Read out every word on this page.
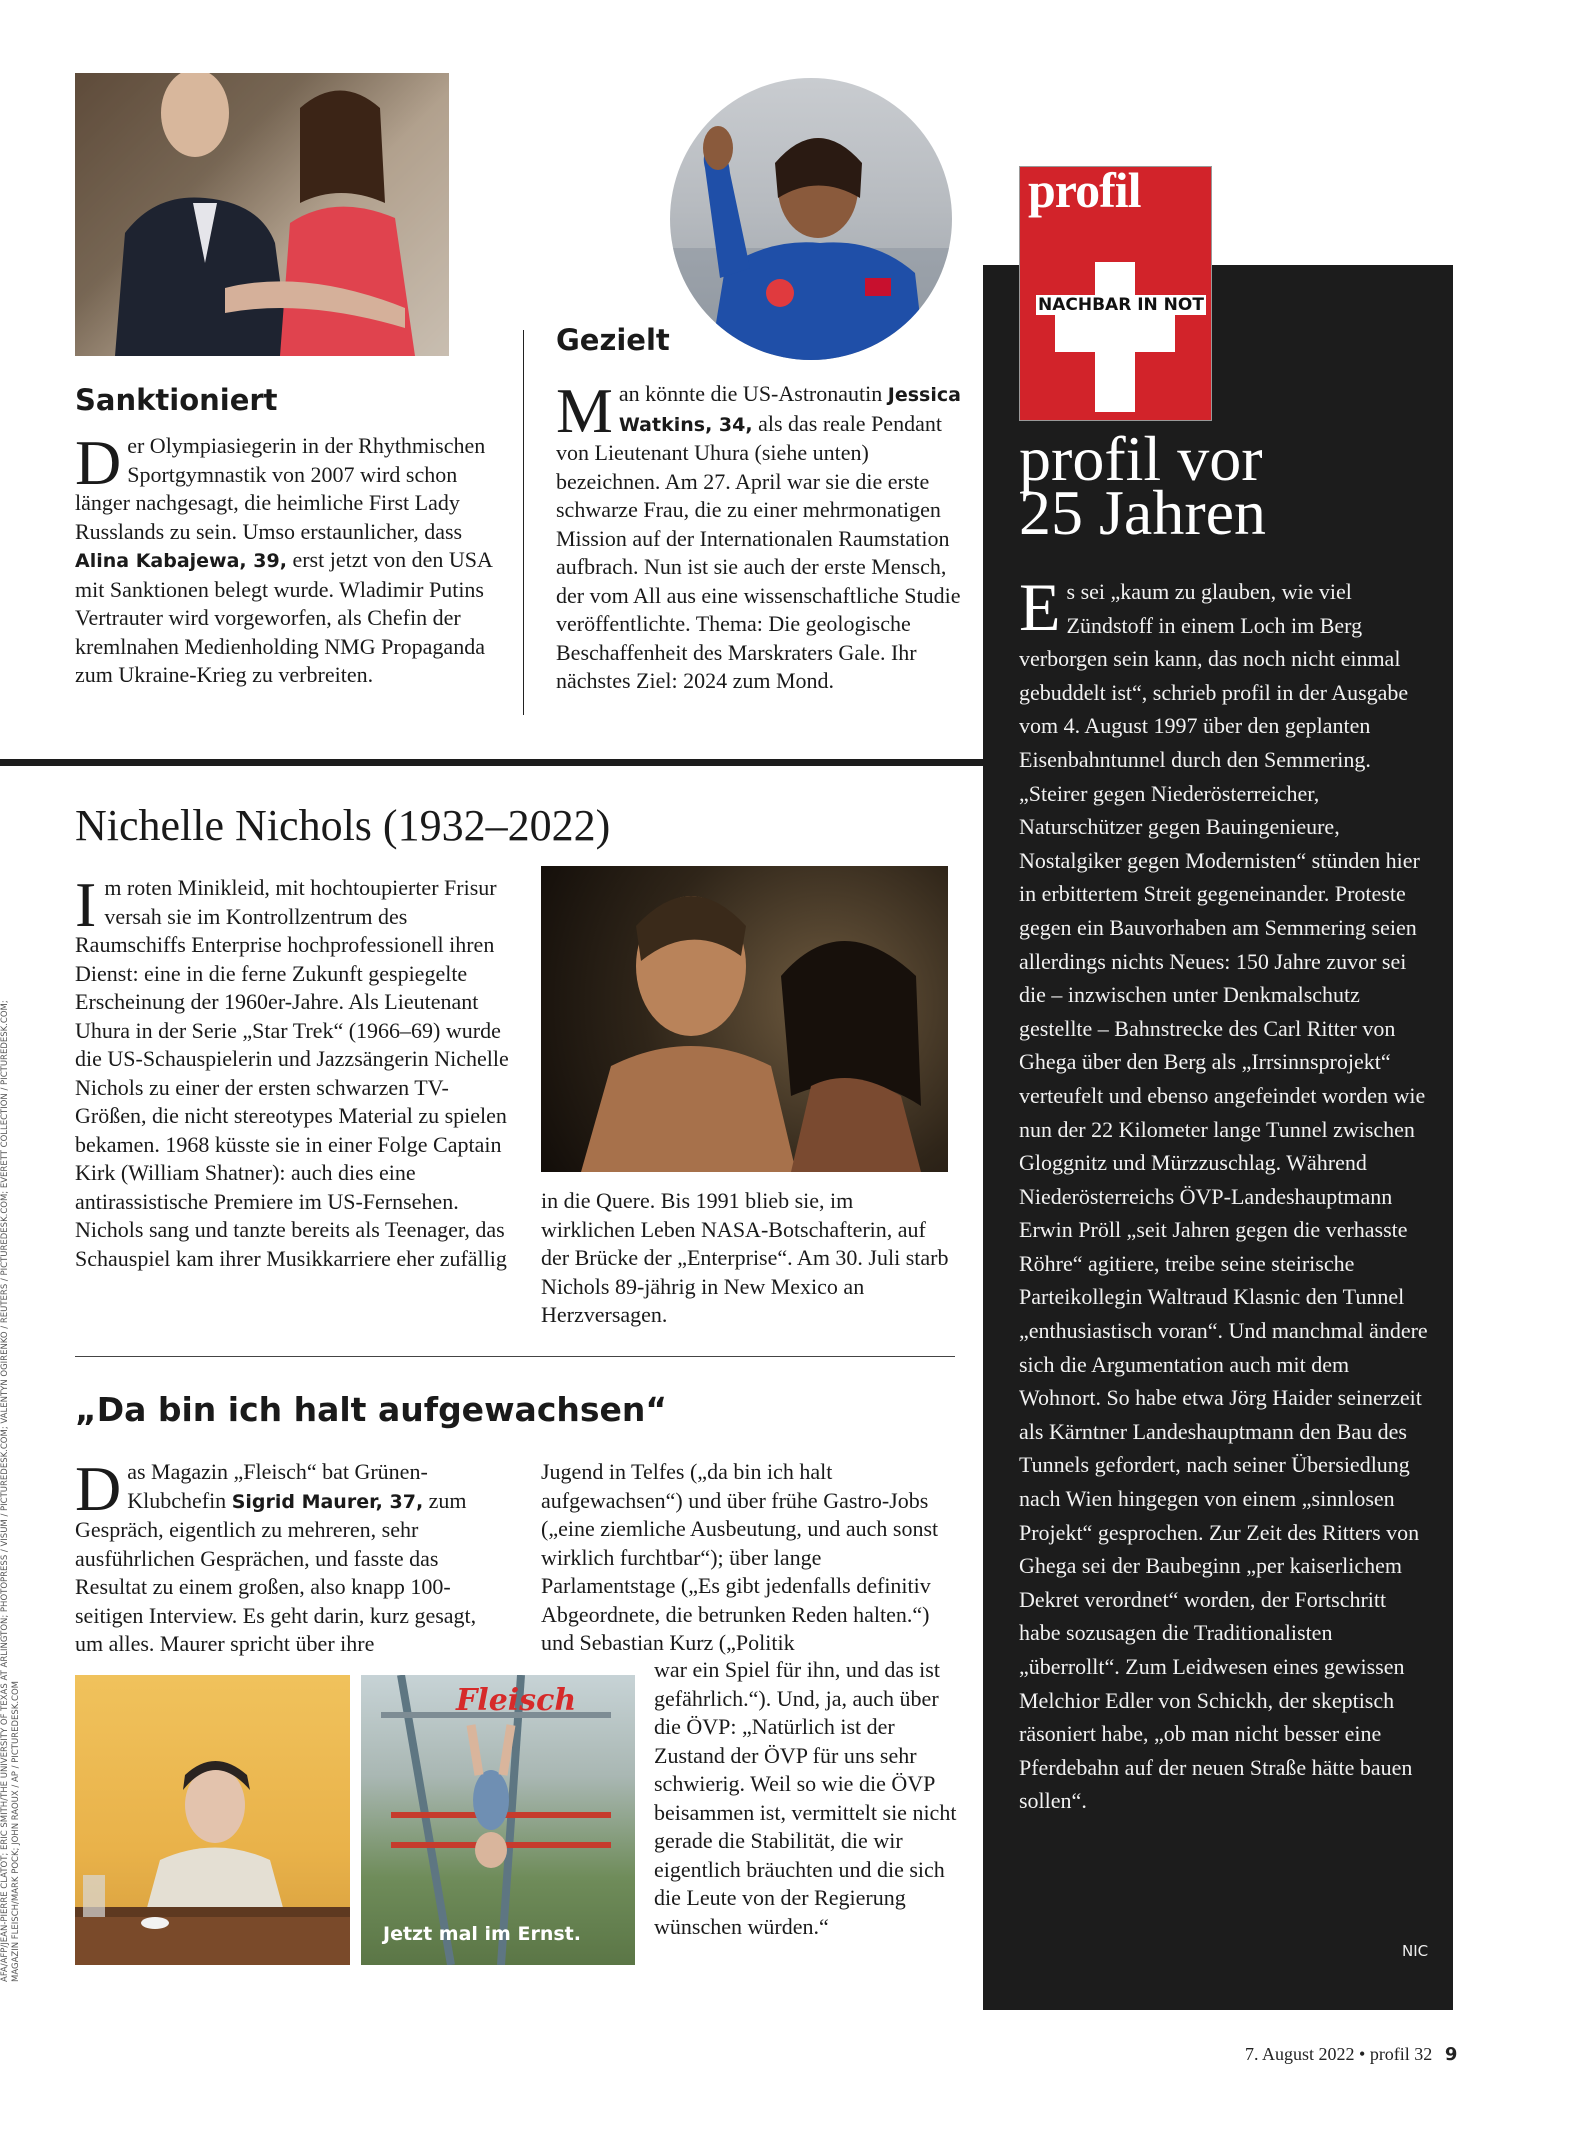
Fleisch
Jetzt mal im Ernst.
Sanktioniert

Der Olympiasiegerin in der Rhythmischen Sportgymnastik von 2007 wird schon länger nachgesagt, die heimliche First Lady Russlands zu sein. Umso erstaunlicher, dass Alina Kabajewa, 39, erst jetzt von den USA mit Sanktionen belegt wurde. Wladimir Putins Vertrauter wird vorgeworfen, als Chefin der kremlnahen Medienholding NMG Propaganda zum Ukraine-Krieg zu verbreiten.

Gezielt

Man könnte die US-Astronautin Jessica Watkins, 34, als das reale Pendant von Lieutenant Uhura (siehe unten) bezeichnen. Am 27. April war sie die erste schwarze Frau, die zu einer mehrmonatigen Mission auf der Internationalen Raumstation aufbrach. Nun ist sie auch der erste Mensch, der vom All aus eine wissenschaftliche Studie veröffentlichte. Thema: Die geologische Beschaffenheit des Marskraters Gale. Ihr nächstes Ziel: 2024 zum Mond.

Nichelle Nichols (1932–2022)

Im roten Minikleid, mit hochtoupierter Frisur versah sie im Kontrollzentrum des Raumschiffs Enterprise hochprofessionell ihren Dienst: eine in die ferne Zukunft gespiegelte Erscheinung der 1960er-Jahre. Als Lieutenant Uhura in der Serie „Star Trek“ (1966–69) wurde die US-Schauspielerin und Jazzsängerin Nichelle Nichols zu einer der ersten schwarzen TV-Größen, die nicht stereotypes Material zu spielen bekamen. 1968 küsste sie in einer Folge Captain Kirk (William Shatner): auch dies eine antirassistische Premiere im US-Fernsehen. Nichols sang und tanzte bereits als Teenager, das Schauspiel kam ihrer Musikkarriere eher zufällig

in die Quere. Bis 1991 blieb sie, im wirklichen Leben NASA-Botschafterin, auf der Brücke der „Enterprise“. Am 30. Juli starb Nichols 89-jährig in New Mexico an Herzversagen.

„Da bin ich halt aufgewachsen“

Das Magazin „Fleisch“ bat Grünen-Klubchefin Sigrid Maurer, 37, zum Gespräch, eigentlich zu mehreren, sehr ausführlichen Gesprächen, und fasste das Resultat zu einem großen, also knapp 100-seitigen Interview. Es geht darin, kurz gesagt, um alles. Maurer spricht über ihre

Jugend in Telfes („da bin ich halt aufgewachsen“) und über frühe Gastro-Jobs („eine ziemliche Ausbeutung, und auch sonst wirklich furchtbar“); über lange Parlamentstage („Es gibt jedenfalls definitiv Abgeordnete, die betrunken Reden halten.“) und Sebastian Kurz („Politik

war ein Spiel für ihn, und das ist gefährlich.“). Und, ja, auch über die ÖVP: „Natürlich ist der Zustand der ÖVP für uns sehr schwierig. Weil so wie die ÖVP beisammen ist, vermittelt sie nicht gerade die Stabilität, die wir eigentlich bräuchten und die sich die Leute von der Regierung wünschen würden.“

profil
NACHBAR IN NOT
profil vor
25 Jahren

Es sei „kaum zu glauben, wie viel Zündstoff in einem Loch im Berg verborgen sein kann, das noch nicht einmal gebuddelt ist“, schrieb profil in der Ausgabe vom 4. August 1997 über den geplanten Eisenbahntunnel durch den Semmering. „Steirer gegen Niederösterreicher, Naturschützer gegen Bauingenieure, Nostalgiker gegen Modernisten“ stünden hier in erbittertem Streit gegeneinander. Proteste gegen ein Bauvorhaben am Semmering seien allerdings nichts Neues: 150 Jahre zuvor sei die – inzwischen unter Denkmalschutz gestellte – Bahnstrecke des Carl Ritter von Ghega über den Berg als „Irrsinnsprojekt“ verteufelt und ebenso angefeindet worden wie nun der 22 Kilometer lange Tunnel zwischen Gloggnitz und Mürzzuschlag. Während Niederösterreichs ÖVP-Landeshauptmann Erwin Pröll „seit Jahren gegen die verhasste Röhre“ agitiere, treibe seine steirische Parteikollegin Waltraud Klasnic den Tunnel „enthusiastisch voran“. Und manchmal ändere sich die Argumentation auch mit dem Wohnort. So habe etwa Jörg Haider seinerzeit als Kärntner Landeshauptmann den Bau des Tunnels gefordert, nach seiner Übersiedlung nach Wien hingegen von einem „sinnlosen Projekt“ gesprochen. Zur Zeit des Ritters von Ghega sei der Baubeginn „per kaiserlichem Dekret verordnet“ worden, der Fortschritt habe sozusagen die Traditionalisten „überrollt“. Zum Leidwesen eines gewissen Melchior Edler von Schickh, der skeptisch räsoniert habe, „ob man nicht besser eine Pferdebahn auf der neuen Straße hätte bauen sollen“.

NIC
AFA/AFP/JEAN-PIERRE CLATOT; ERIC SMITH/THE UNIVERSITY OF TEXAS AT ARLINGTON; PHOTOPRESS / VISUM / PICTUREDESK.COM; VALENTYN OGIRENKO / REUTERS / PICTUREDESK.COM; EVERETT COLLECTION / PICTUREDESK.COM; MAGAZIN FLEISCH/MARK POCK; JOHN RAOUX / AP / PICTUREDESK.COM
7. August 2022 • profil 32 9
